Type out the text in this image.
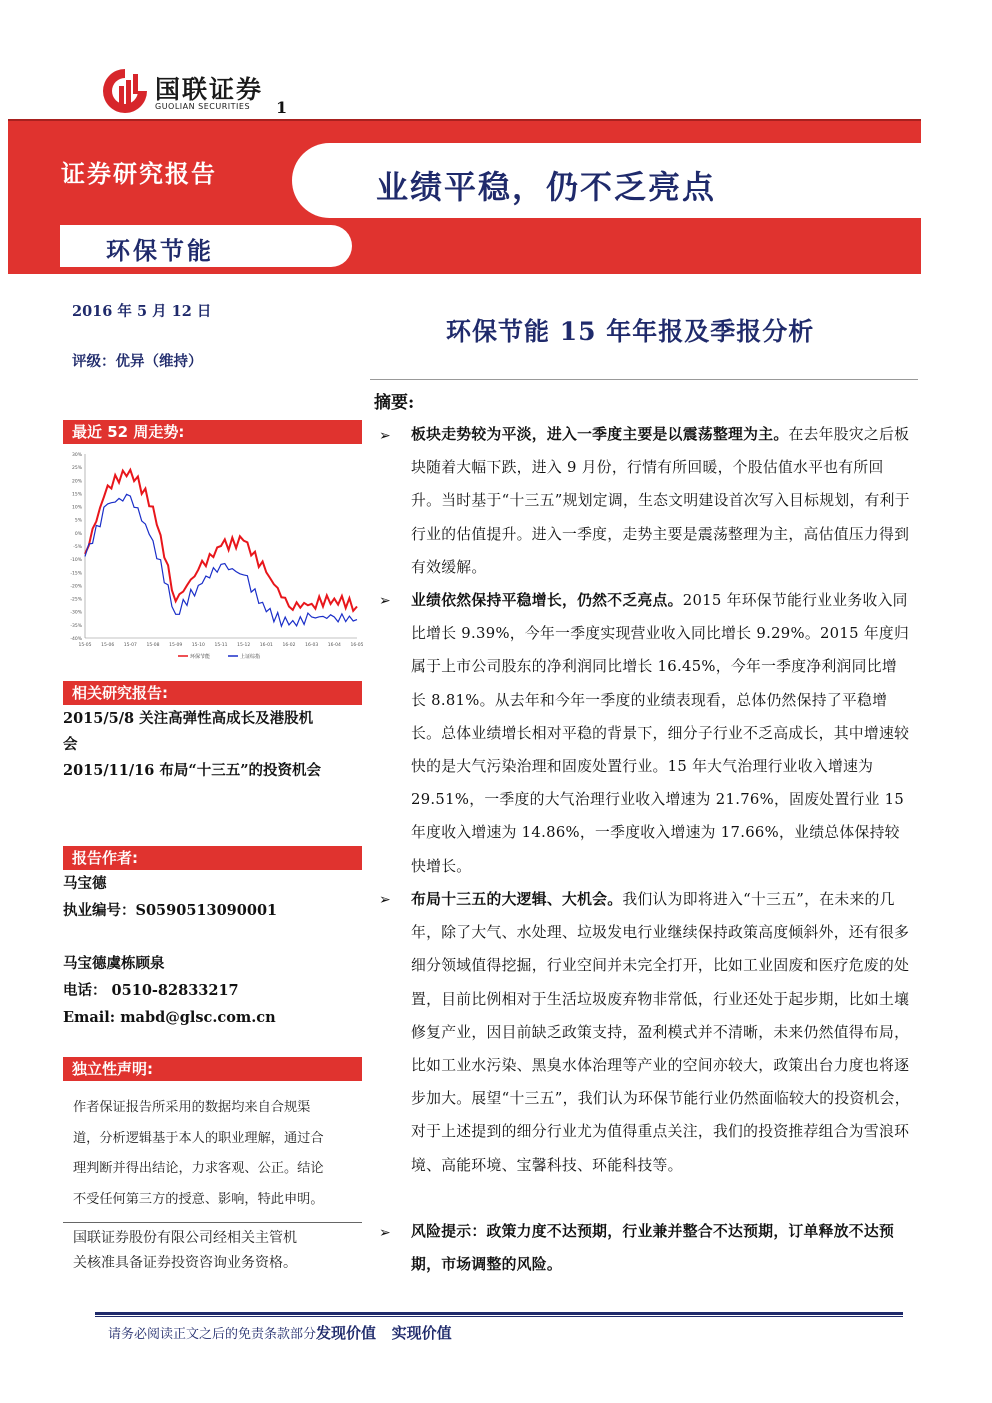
国联证券
GUOLIAN SECURITIES 1
证券研究报告	业绩平稳，仍不乏亮点
环保节能
2016 年 5 月 12 日
评级：优异（维持）
环保节能 15 年年报及季报分析
摘要:
最近 52 周走势:
30%
25%
20%
15%
10%
5%
0%
-5%
-10%
-15%
-20%
-25%
-30%
-35%
-40%
15-05 15-06 15-07 15-08 15-09 15-10 15-11 15-12 16-01 16-02 16-03 16-04 16-05
环保节能	上证综指
相关研究报告:
2015/5/8 关注高弹性高成长及港股机
会
2015/11/16 布局“十三五”的投资机会
报告作者:
马宝德
执业编号：S0590513090001
马宝德虞栋顾泉
电话： 0510-82833217
Email: mabd@glsc.com.cn
独立性声明:
作者保证报告所采用的数据均来自合规渠
道，分析逻辑基于本人的职业理解，通过合
理判断并得出结论，力求客观、公正。结论
不受任何第三方的授意、影响，特此申明。
国联证券股份有限公司经相关主管机
关核准具备证券投资咨询业务资格。
➢ 板块走势较为平淡，进入一季度主要是以震荡整理为主。在去年股灾之后板块随着大幅下跌，进入 9 月份，行情有所回暖，个股估值水平也有所回升。当时基于“十三五”规划定调，生态文明建设首次写入目标规划，有利于行业的估值提升。进入一季度，走势主要是震荡整理为主，高估值压力得到有效缓解。
➢ 业绩依然保持平稳增长，仍然不乏亮点。2015 年环保节能行业业务收入同比增长 9.39%，今年一季度实现营业收入同比增长 9.29%。2015 年度归属于上市公司股东的净利润同比增长 16.45%，今年一季度净利润同比增长 8.81%。从去年和今年一季度的业绩表现看，总体仍然保持了平稳增长。总体业绩增长相对平稳的背景下，细分子行业不乏高成长，其中增速较快的是大气污染治理和固废处置行业。15 年大气治理行业收入增速为 29.51%，一季度的大气治理行业收入增速为 21.76%，固废处置行业 15 年度收入增速为 14.86%，一季度收入增速为 17.66%，业绩总体保持较快增长。
➢ 布局十三五的大逻辑、大机会。我们认为即将进入“十三五”，在未来的几年，除了大气、水处理、垃圾发电行业继续保持政策高度倾斜外，还有很多细分领域值得挖掘，行业空间并未完全打开，比如工业固废和医疗危废的处置，目前比例相对于生活垃圾废弃物非常低，行业还处于起步期，比如土壤修复产业，因目前缺乏政策支持，盈利模式并不清晰，未来仍然值得布局，比如工业水污染、黑臭水体治理等产业的空间亦较大，政策出台力度也将逐步加大。展望“十三五”，我们认为环保节能行业仍然面临较大的投资机会，对于上述提到的细分行业尤为值得重点关注，我们的投资推荐组合为雪浪环境、高能环境、宝馨科技、环能科技等。
➢ 风险提示：政策力度不达预期，行业兼并整合不达预期，订单释放不达预期，市场调整的风险。
请务必阅读正文之后的免责条款部分发现价值   实现价值
